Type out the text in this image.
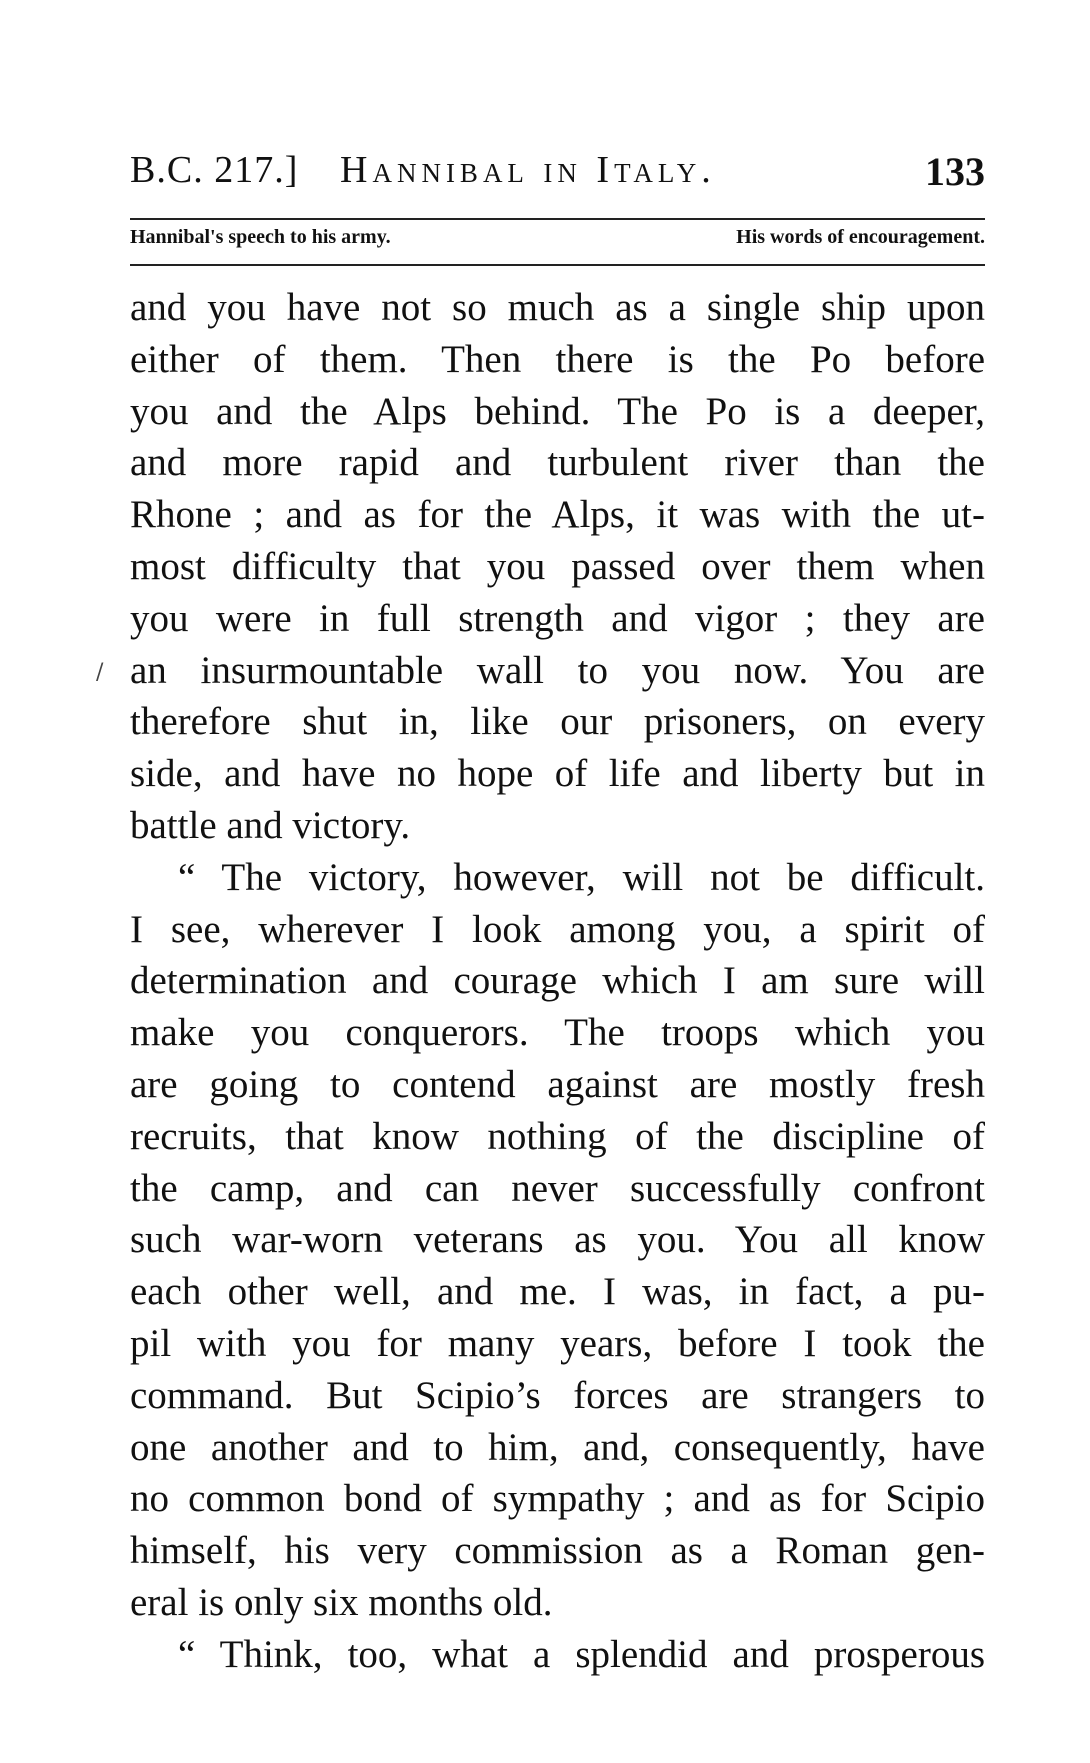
B.C. 217.] Hannibal in Italy.	133
Hannibal's speech to his army.	His words of encouragement.
/
and you have not so much as a single ship upon
either of them. Then there is the Po before
you and the Alps behind. The Po is a deeper,
and more rapid and turbulent river than the
Rhone ; and as for the Alps, it was with the ut-
most difficulty that you passed over them when
you were in full strength and vigor ; they are
an insurmountable wall to you now. You are
therefore shut in, like our prisoners, on every
side, and have no hope of life and liberty but in
battle and victory.
“ The victory, however, will not be difficult.
I see, wherever I look among you, a spirit of
determination and courage which I am sure will
make you conquerors. The troops which you
are going to contend against are mostly fresh
recruits, that know nothing of the discipline of
the camp, and can never successfully confront
such war-worn veterans as you. You all know
each other well, and me. I was, in fact, a pu-
pil with you for many years, before I took the
command. But Scipio’s forces are strangers to
one another and to him, and, consequently, have
no common bond of sympathy ; and as for Scipio
himself, his very commission as a Roman gen-
eral is only six months old.
“ Think, too, what a splendid and prosperous
